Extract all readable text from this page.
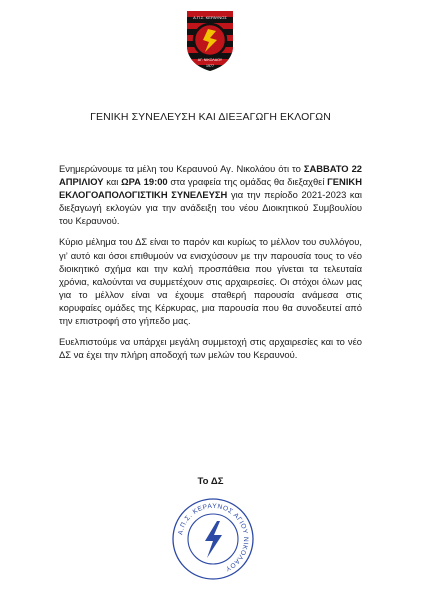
Α.Π.Σ. ΚΕΡΑΥΝΟΣ
ΑΓ. ΝΙΚΟΛΑΟΥ
1977
ΓΕΝΙΚΗ ΣΥΝΕΛΕΥΣΗ ΚΑΙ ΔΙΕΞΑΓΩΓΗ ΕΚΛΟΓΩΝ

Ενημερώνουμε τα μέλη του Κεραυνού Αγ. Νικολάου ότι το ΣΑΒΒΑΤΟ 22 ΑΠΡΙΛΙΟΥ και ΩΡΑ 19:00 στα γραφεία της ομάδας θα διεξαχθεί ΓΕΝΙΚΗ ΕΚΛΟΓΟΑΠΟΛΟΓΙΣΤΙΚΗ ΣΥΝΕΛΕΥΣΗ για την περίοδο 2021-2023 και διεξαγωγή εκλογών για την ανάδειξη του νέου Διοικητικού Συμβουλίου του Κεραυνού.

Κύριο μέλημα του ΔΣ είναι το παρόν και κυρίως το μέλλον του συλλόγου, γι’ αυτό και όσοι επιθυμούν να ενισχύσουν με την παρουσία τους το νέο διοικητικό σχήμα και την καλή προσπάθεια που γίνεται τα τελευταία χρόνια, καλούνται να συμμετέχουν στις αρχαιρεσίες. Οι στόχοι όλων μας για το μέλλον είναι να έχουμε σταθερή παρουσία ανάμεσα στις κορυφαίες ομάδες της Κέρκυρας, μια παρουσία που θα συνοδευτεί από την επιστροφή στο γήπεδο μας.

Ευελπιστούμε να υπάρχει μεγάλη συμμετοχή στις αρχαιρεσίες και το νέο ΔΣ να έχει την πλήρη αποδοχή των μελών του Κεραυνού.

Το ΔΣ
Α.Π.Σ. ΚΕΡΑΥΝΟΣ ΑΓΙΟΥ ΝΙΚΟΛΑΟΥ
